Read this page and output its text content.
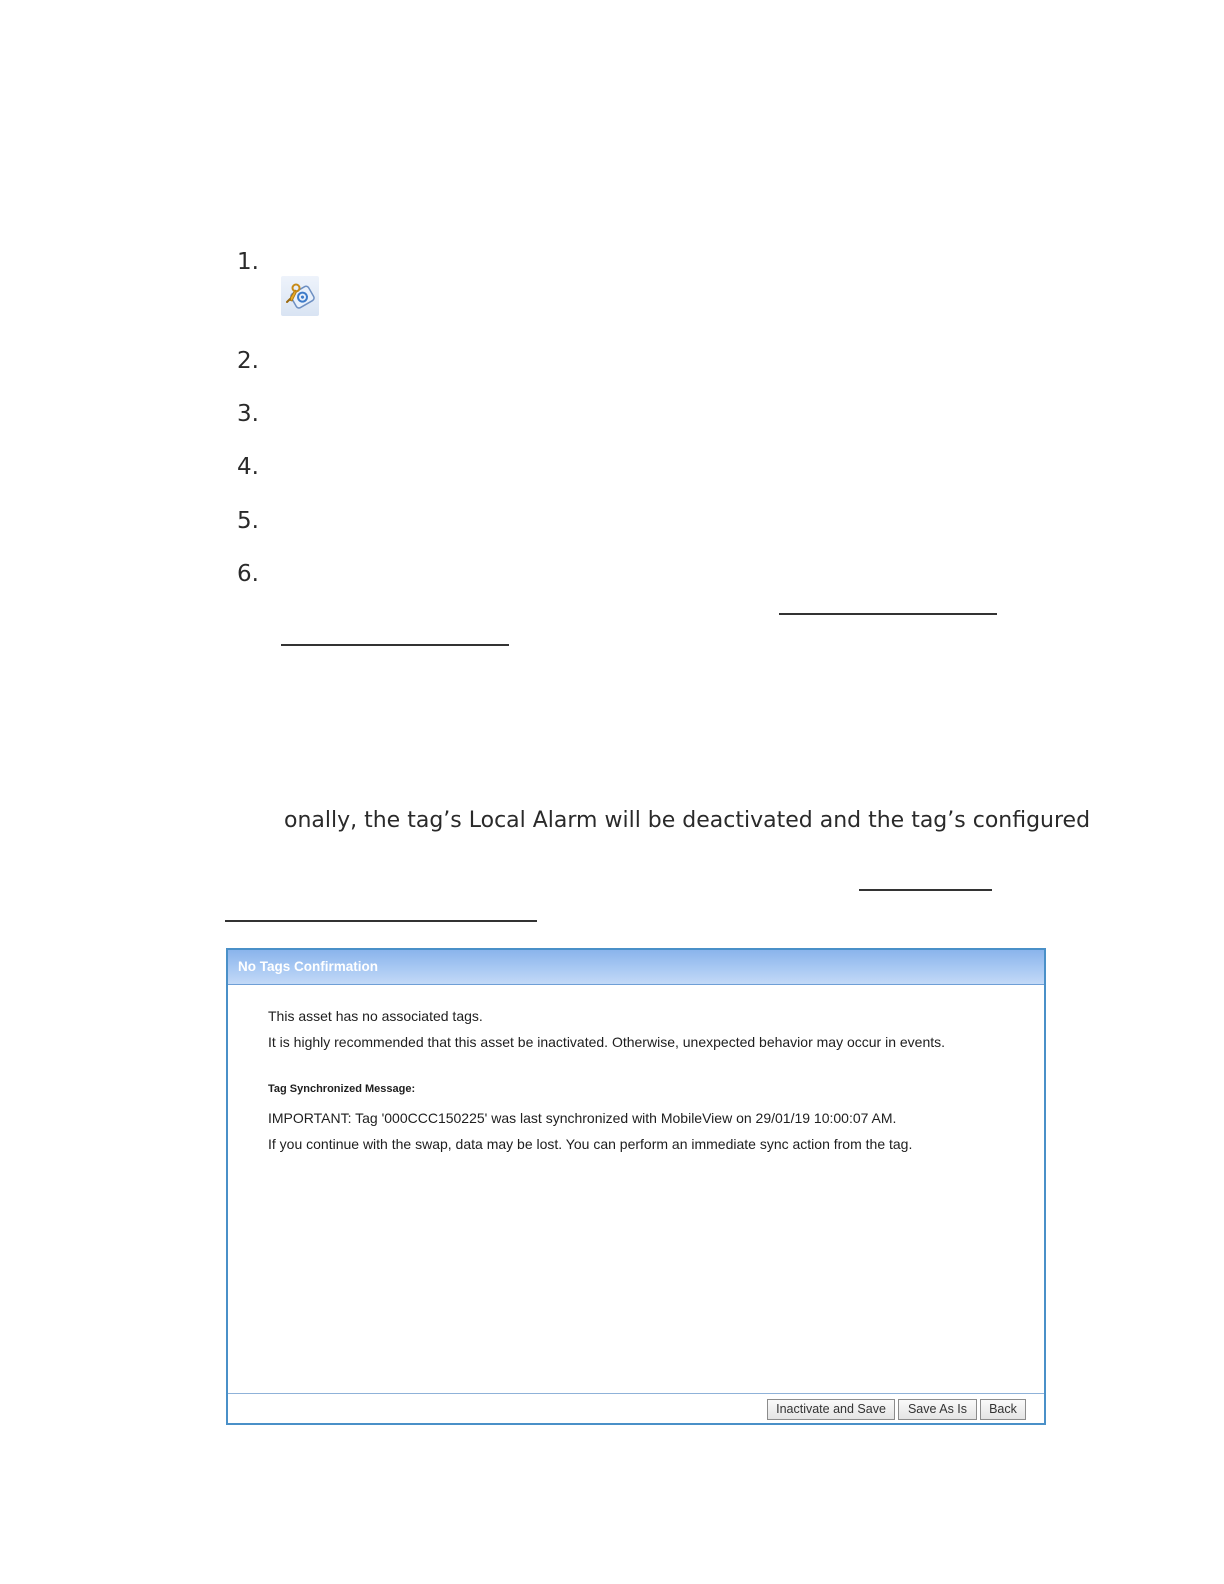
1.
2.
3.
4.
5.
6.
onally, the tag’s Local Alarm will be deactivated and the tag’s configured
No Tags Confirmation
This asset has no associated tags.
It is highly recommended that this asset be inactivated. Otherwise, unexpected behavior may occur in events.
Tag Synchronized Message:
IMPORTANT: Tag '000CCC150225' was last synchronized with MobileView on 29/01/19 10:00:07 AM.
If you continue with the swap, data may be lost. You can perform an immediate sync action from the tag.
Inactivate and Save	Save As Is	Back
